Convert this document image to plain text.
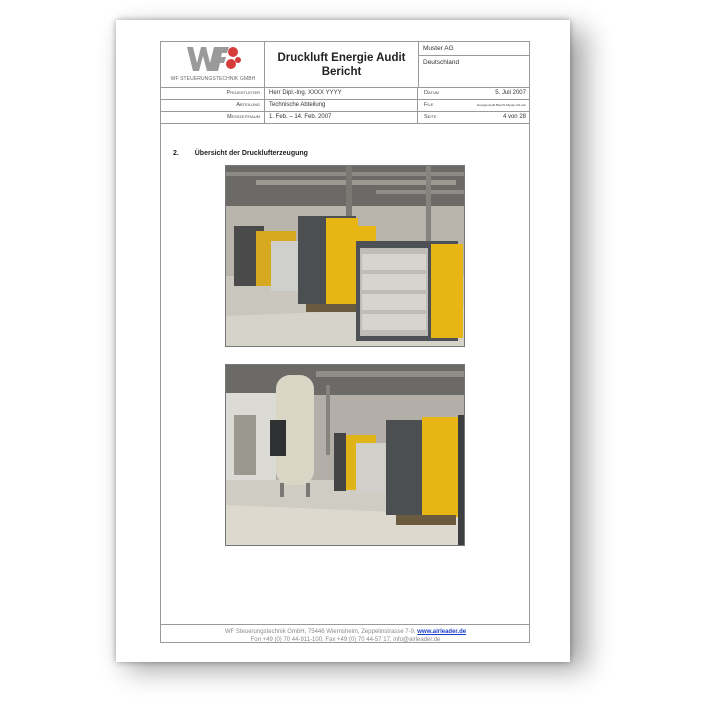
WF STEUERUNGSTECHNIK GMBH
Druckluft Energie Audit
Bericht
Muster AG
Deutschland
Projektleiter	Herr Dipl.-Ing. XXXX YYYY	Datum	5. Juli 2007
Abteilung	Technische Abteilung	File	Energie Audit Bericht Muster AG.doc
Messzeitraum	1. Feb. – 14. Feb. 2007	Seite	4 von 28
2. Übersicht der Drucklufterzeugung
WF Steuerungstechnik GmbH, 75446 Wiernsheim, Zeppelinstrasse 7-9, www.airleader.de
Fon +49 (0) 70 44-911-100, Fax +49 (0) 70 44-57 17, info@airleader.de
